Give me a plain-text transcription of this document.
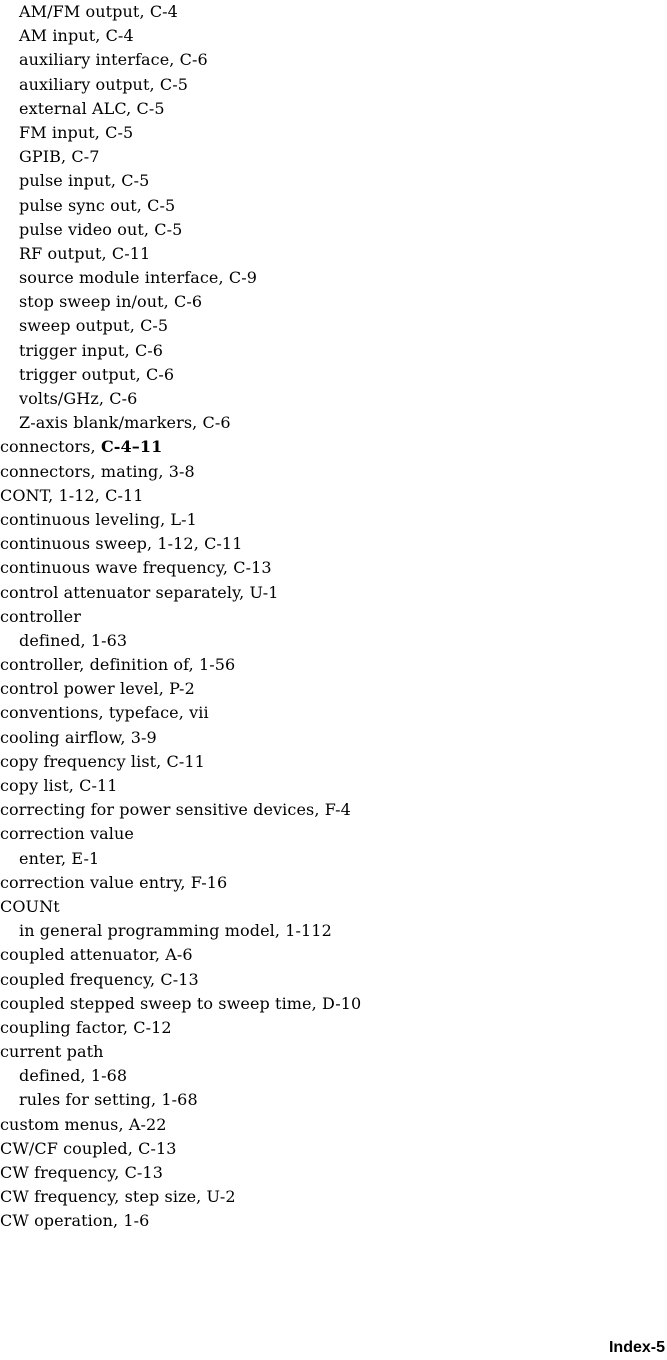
AM/FM output, C-4
AM input, C-4
auxiliary interface, C-6
auxiliary output, C-5
external ALC, C-5
FM input, C-5
GPIB, C-7
pulse input, C-5
pulse sync out, C-5
pulse video out, C-5
RF output, C-11
source module interface, C-9
stop sweep in/out, C-6
sweep output, C-5
trigger input, C-6
trigger output, C-6
volts/GHz, C-6
Z-axis blank/markers, C-6
connectors, C-4–11
connectors, mating, 3-8
CONT, 1-12, C-11
continuous leveling, L-1
continuous sweep, 1-12, C-11
continuous wave frequency, C-13
control attenuator separately, U-1
controller
defined, 1-63
controller, definition of, 1-56
control power level, P-2
conventions, typeface, vii
cooling airflow, 3-9
copy frequency list, C-11
copy list, C-11
correcting for power sensitive devices, F-4
correction value
enter, E-1
correction value entry, F-16
COUNt
in general programming model, 1-112
coupled attenuator, A-6
coupled frequency, C-13
coupled stepped sweep to sweep time, D-10
coupling factor, C-12
current path
defined, 1-68
rules for setting, 1-68
custom menus, A-22
CW/CF coupled, C-13
CW frequency, C-13
CW frequency, step size, U-2
CW operation, 1-6
Index-5
